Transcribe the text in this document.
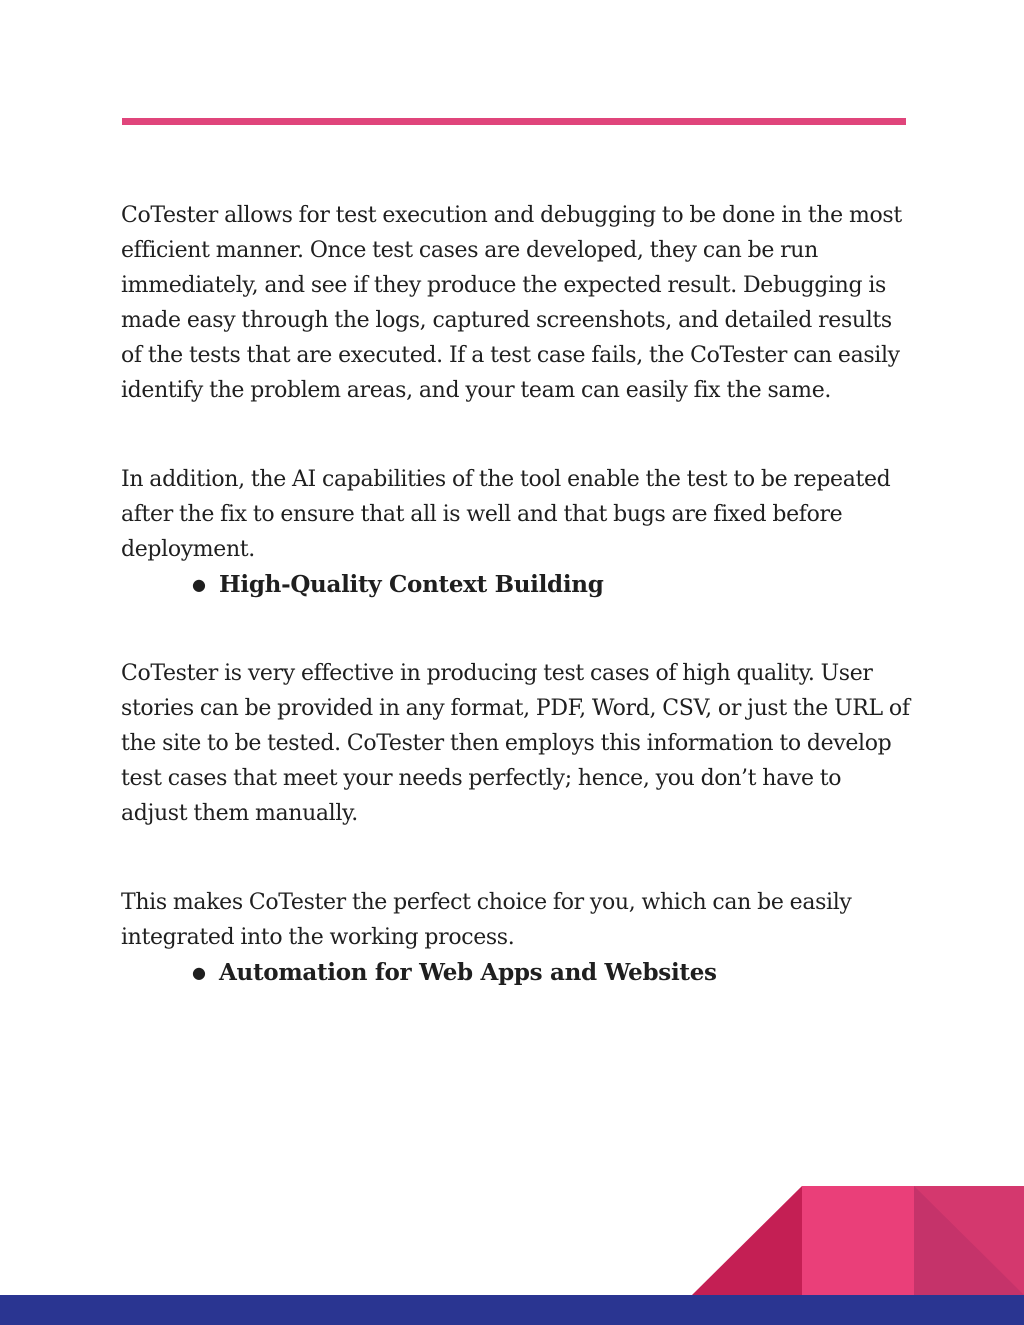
CoTester allows for test execution and debugging to be done in the most efficient manner. Once test cases are developed, they can be run immediately, and see if they produce the expected result. Debugging is made easy through the logs, captured screenshots, and detailed results of the tests that are executed. If a test case fails, the CoTester can easily identify the problem areas, and your team can easily fix the same.

In addition, the AI capabilities of the tool enable the test to be repeated after the fix to ensure that all is well and that bugs are fixed before deployment.

● High-Quality Context Building

CoTester is very effective in producing test cases of high quality. User stories can be provided in any format, PDF, Word, CSV, or just the URL of the site to be tested. CoTester then employs this information to develop test cases that meet your needs perfectly; hence, you don’t have to adjust them manually.

This makes CoTester the perfect choice for you, which can be easily integrated into the working process.

● Automation for Web Apps and Websites
